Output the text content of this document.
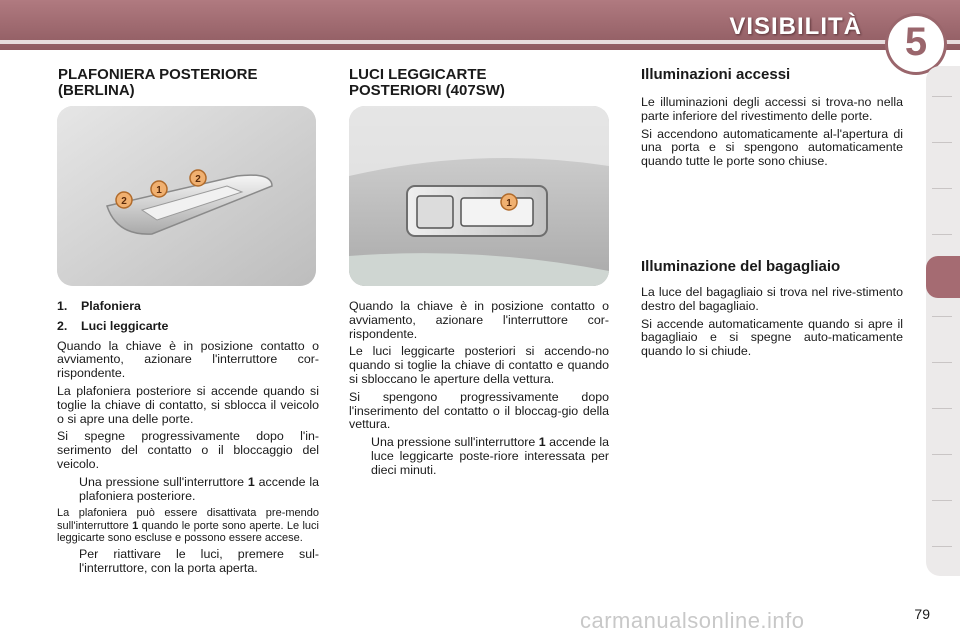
VISIBILITÀ	5
PLAFONIERA POSTERIORE
(BERLINA)
2
1
2
1. Plafoniera
2. Luci leggicarte

Quando la chiave è in posizione contatto o avviamento, azionare l'interruttore cor-rispondente.

La plafoniera posteriore si accende quando si toglie la chiave di contatto, si sblocca il veicolo o si apre una delle porte.

Si spegne progressivamente dopo l'in-serimento del contatto o il bloccaggio del veicolo.

Una pressione sull'interruttore 1 accende la plafoniera posteriore.

La plafoniera può essere disattivata pre-mendo sull'interruttore 1 quando le porte sono aperte. Le luci leggicarte sono escluse e possono essere accese.

Per riattivare le luci, premere sul-l'interruttore, con la porta aperta.
LUCI LEGGICARTE
POSTERIORI (407SW)
1

Quando la chiave è in posizione contatto o avviamento, azionare l'interruttore cor-rispondente.

Le luci leggicarte posteriori si accendo-no quando si toglie la chiave di contatto e quando si sbloccano le aperture della vettura.

Si spengono progressivamente dopo l'inserimento del contatto o il bloccag-gio della vettura.

Una pressione sull'interruttore 1 accende la luce leggicarte poste-riore interessata per dieci minuti.
Illuminazioni accessi

Le illuminazioni degli accessi si trova-no nella parte inferiore del rivestimento delle porte.

Si accendono automaticamente al-l'apertura di una porta e si spengono automaticamente quando tutte le porte sono chiuse.

Illuminazione del bagagliaio

La luce del bagagliaio si trova nel rive-stimento destro del bagagliaio.

Si accende automaticamente quando si apre il bagagliaio e si spegne auto-maticamente quando lo si chiude.

carmanualsonline.info	79
